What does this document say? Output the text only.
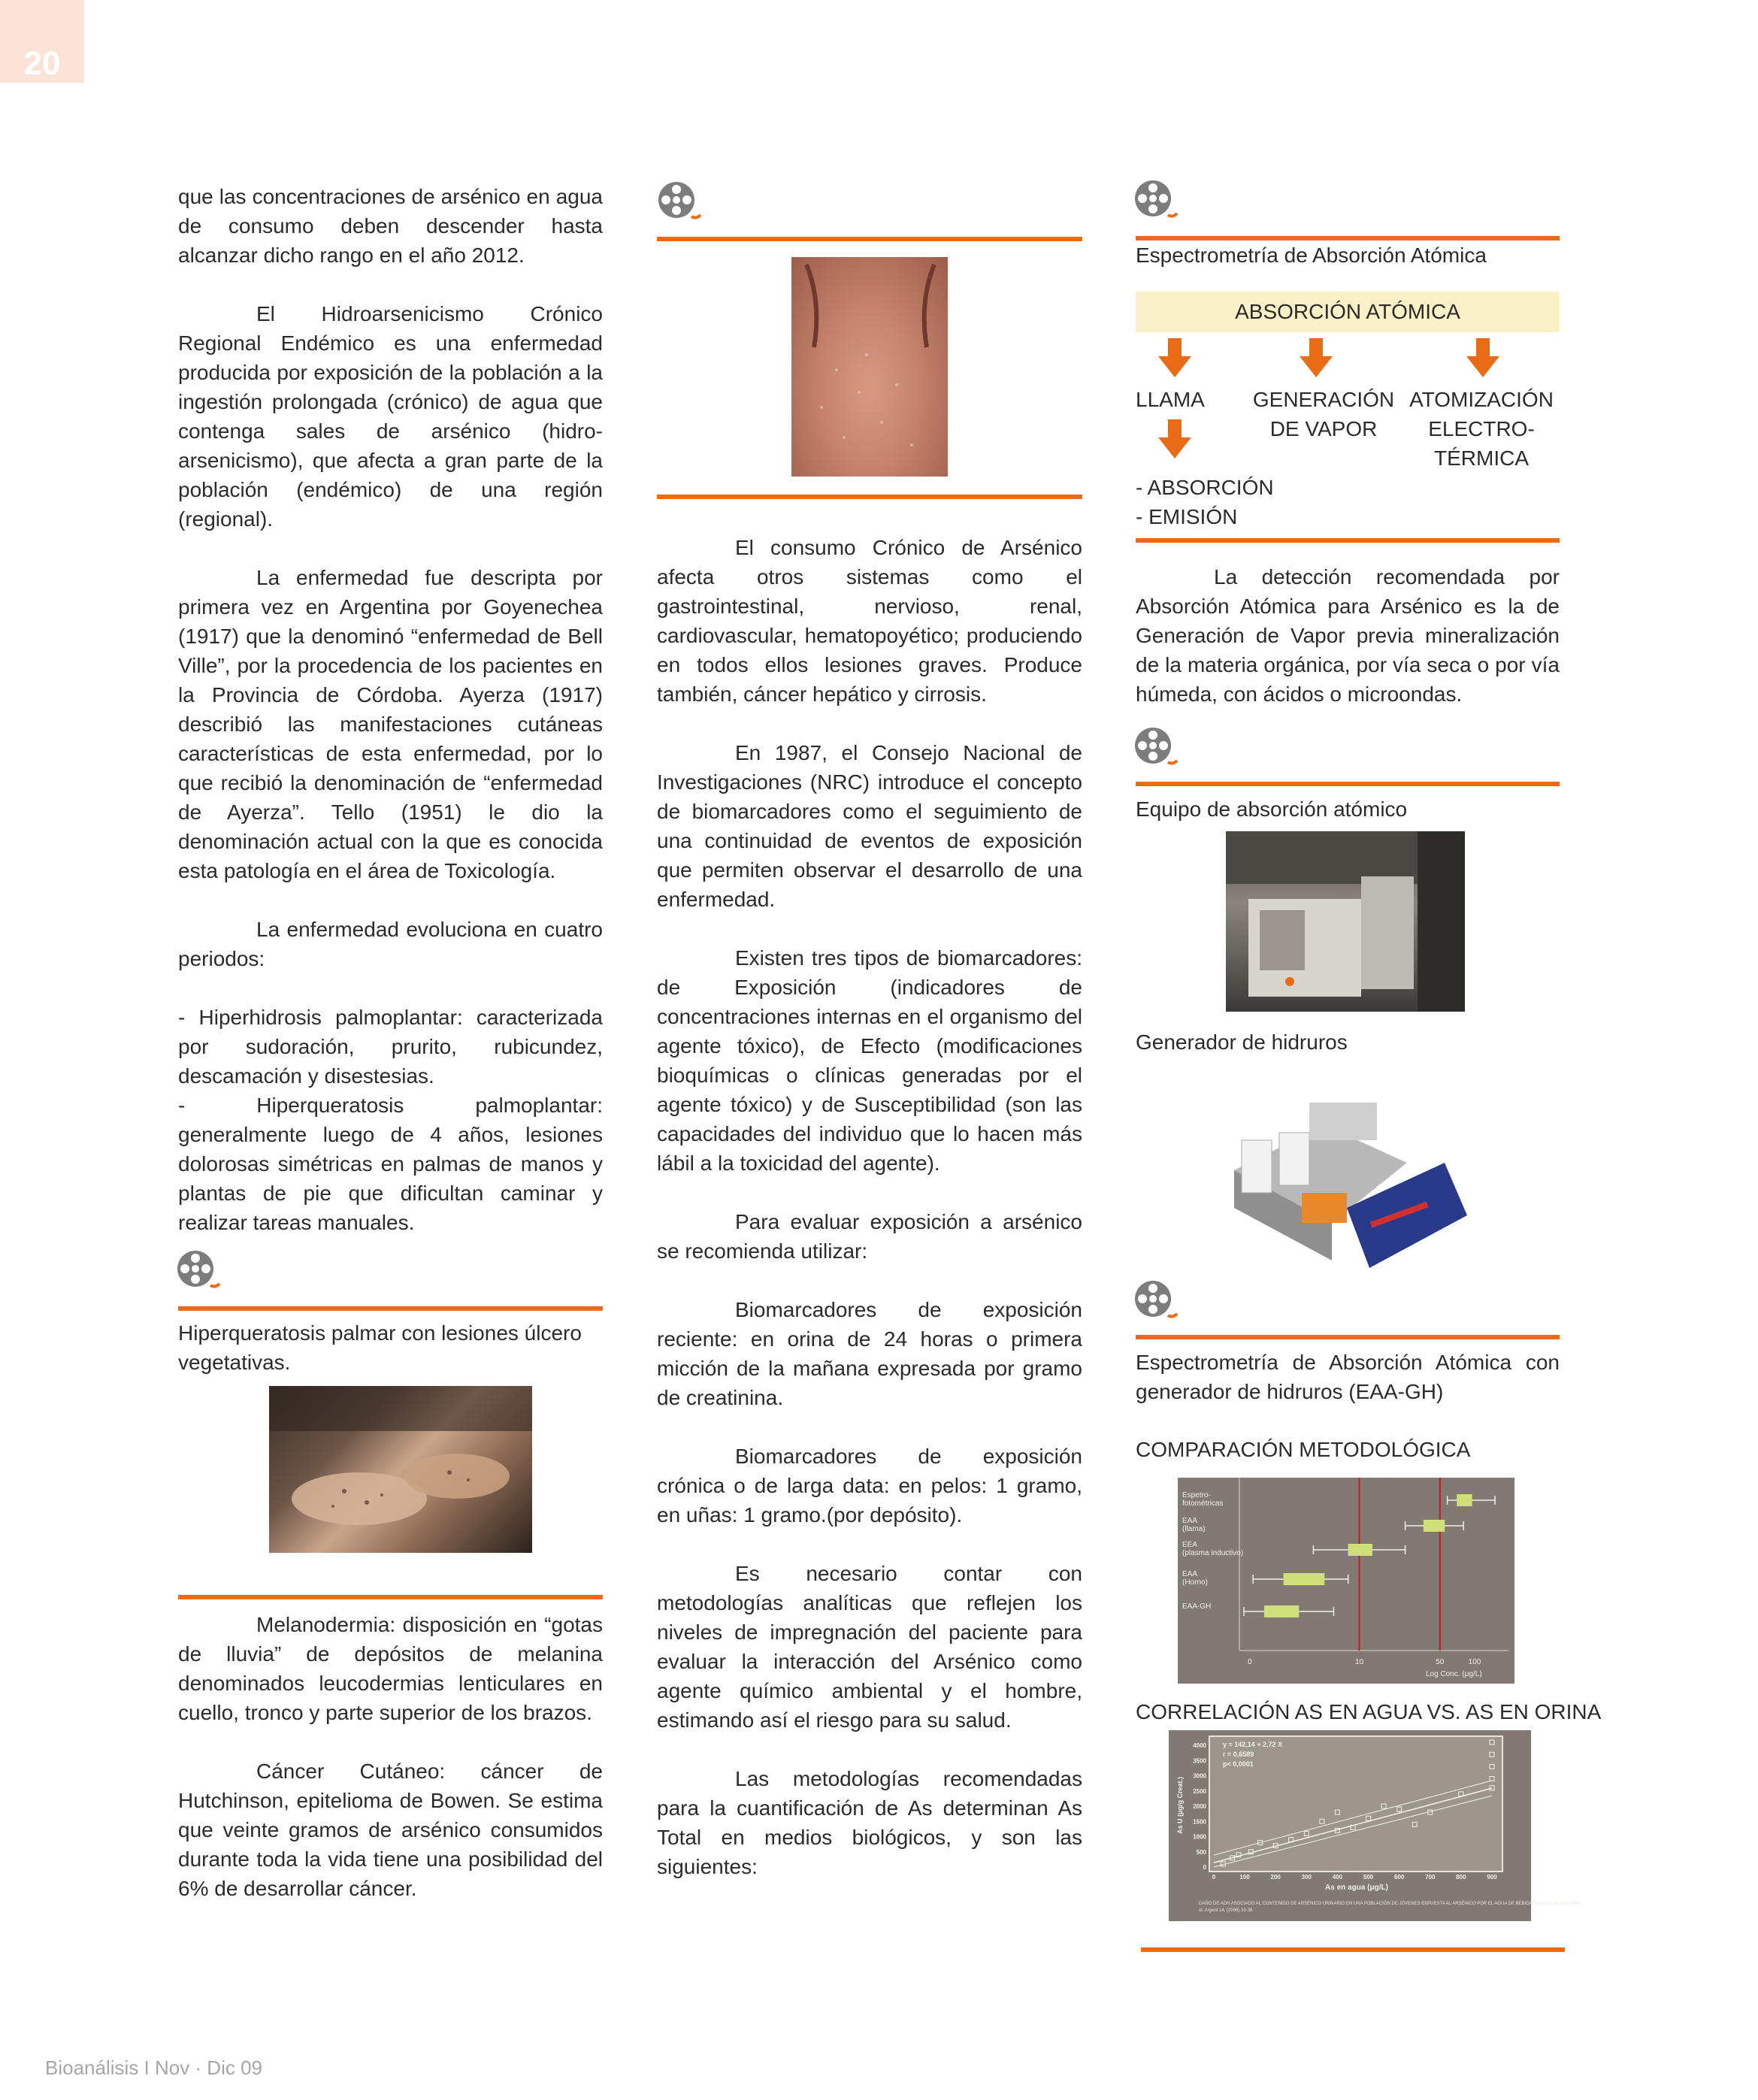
20

que las concentraciones de arsénico en agua de consumo deben descender hasta alcanzar dicho rango en el año 2012.

El Hidroarsenicismo Crónico Regional Endémico es una enfermedad producida por exposición de la población a la ingestión prolongada (crónico) de agua que contenga sales de arsénico (hidro-arsenicismo), que afecta a gran parte de la población (endémico) de una región (regional).

La enfermedad fue descripta por primera vez en Argentina por Goyenechea (1917) que la denominó “enfermedad de Bell Ville”, por la procedencia de los pacientes en la Provincia de Córdoba. Ayerza (1917) describió las manifestaciones cutáneas características de esta enfermedad, por lo que recibió la denominación de “enfermedad de Ayerza”. Tello (1951) le dio la denominación actual con la que es conocida esta patología en el área de Toxicología.

La enfermedad evoluciona en cuatro periodos:

- Hiperhidrosis palmoplantar: caracterizada por sudoración, prurito, rubicundez, descamación y disestesias.

- Hiperqueratosis palmoplantar: generalmente luego de 4 años, lesiones dolorosas simétricas en palmas de manos y plantas de pie que dificultan caminar y realizar tareas manuales.

Hiperqueratosis palmar con lesiones úlcero vegetativas.

Melanodermia: disposición en “gotas de lluvia” de depósitos de melanina denominados leucodermias lenticulares en cuello, tronco y parte superior de los brazos.

Cáncer Cutáneo: cáncer de Hutchinson, epitelioma de Bowen. Se estima que veinte gramos de arsénico consumidos durante toda la vida tiene una posibilidad del 6% de desarrollar cáncer.

El consumo Crónico de Arsénico afecta otros sistemas como el gastrointestinal, nervioso, renal, cardiovascular, hematopoyético; produciendo en todos ellos lesiones graves. Produce también, cáncer hepático y cirrosis.

En 1987, el Consejo Nacional de Investigaciones (NRC) introduce el concepto de biomarcadores como el seguimiento de una continuidad de eventos de exposición que permiten observar el desarrollo de una enfermedad.

Existen tres tipos de biomarcadores: de Exposición (indicadores de concentraciones internas en el organismo del agente tóxico), de Efecto (modificaciones bioquímicas o clínicas generadas por el agente tóxico) y de Susceptibilidad (son las capacidades del individuo que lo hacen más lábil a la toxicidad del agente).

Para evaluar exposición a arsénico se recomienda utilizar:

Biomarcadores de exposición reciente: en orina de 24 horas o primera micción de la mañana expresada por gramo de creatinina.

Biomarcadores de exposición crónica o de larga data: en pelos: 1 gramo, en uñas: 1 gramo.(por depósito).

Es necesario contar con metodologías analíticas que reflejen los niveles de impregnación del paciente para evaluar la interacción del Arsénico como agente químico ambiental y el hombre, estimando así el riesgo para su salud.

Las metodologías recomendadas para la cuantificación de As determinan As Total en medios biológicos, y son las siguientes:

Espectrometría de Absorción Atómica
ABSORCIÓN ATÓMICA
LLAMA	GENERACIÓN
DE VAPOR
ATOMIZACIÓN
ELECTRO-
TÉRMICA
- ABSORCIÓN
- EMISIÓN

La detección recomendada por Absorción Atómica para Arsénico es la de Generación de Vapor previa mineralización de la materia orgánica, por vía seca o por vía húmeda, con ácidos o microondas.

Equipo de absorción atómico
Generador de hidruros

Espectrometría de Absorción Atómica con generador de hidruros (EAA-GH)

COMPARACIÓN METODOLÓGICA
Espetro-
fotométricas
EAA
(llama)
EEA
(plasma inductivo)
EAA
(Horno)
EAA-GH
0	10	50	100
Log Conc. (μg/L)
CORRELACIÓN AS EN AGUA VS. AS EN ORINA
0
500
1000
1500
2000
2500
3000
3500
4000
0	100	200	300	400	500	600	700	800	900
As en agua (μg/L)
As U (μg/g Creat.)
y = 142,14 + 2,72 X
r = 0,6589
p< 0,0001
DAÑO DE ADN ASOCIADO AL CONTENIDO DE ARSÉNICO URINARIO EN UNA POBLACIÓN DE JÓVENES EXPUESTA AL ARSÉNICO POR EL AGUA DE BEBIDA Navoni y col. Acta Toxic
ol. Argent 14, (2006) 33-38
Bioanálisis I Nov · Dic 09
